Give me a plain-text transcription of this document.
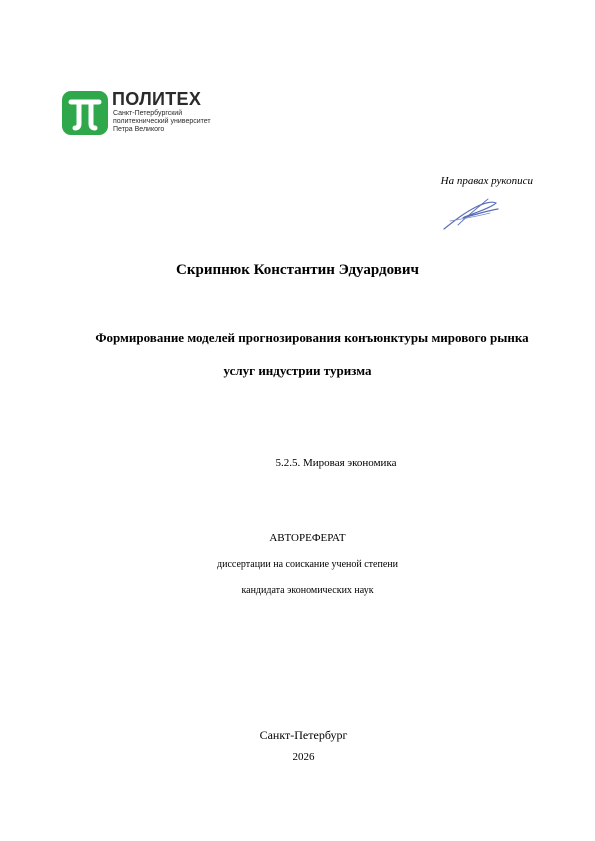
ПОЛИТЕХ
Санкт-Петербургский
политехнический университет
Петра Великого
На правах рукописи
Скрипнюк Константин Эдуардович
Формирование моделей прогнозирования конъюнктуры мирового рынка
услуг индустрии туризма
5.2.5. Мировая экономика
АВТОРЕФЕРАТ
диссертации на соискание ученой степени
кандидата экономических наук
Санкт-Петербург
2026
